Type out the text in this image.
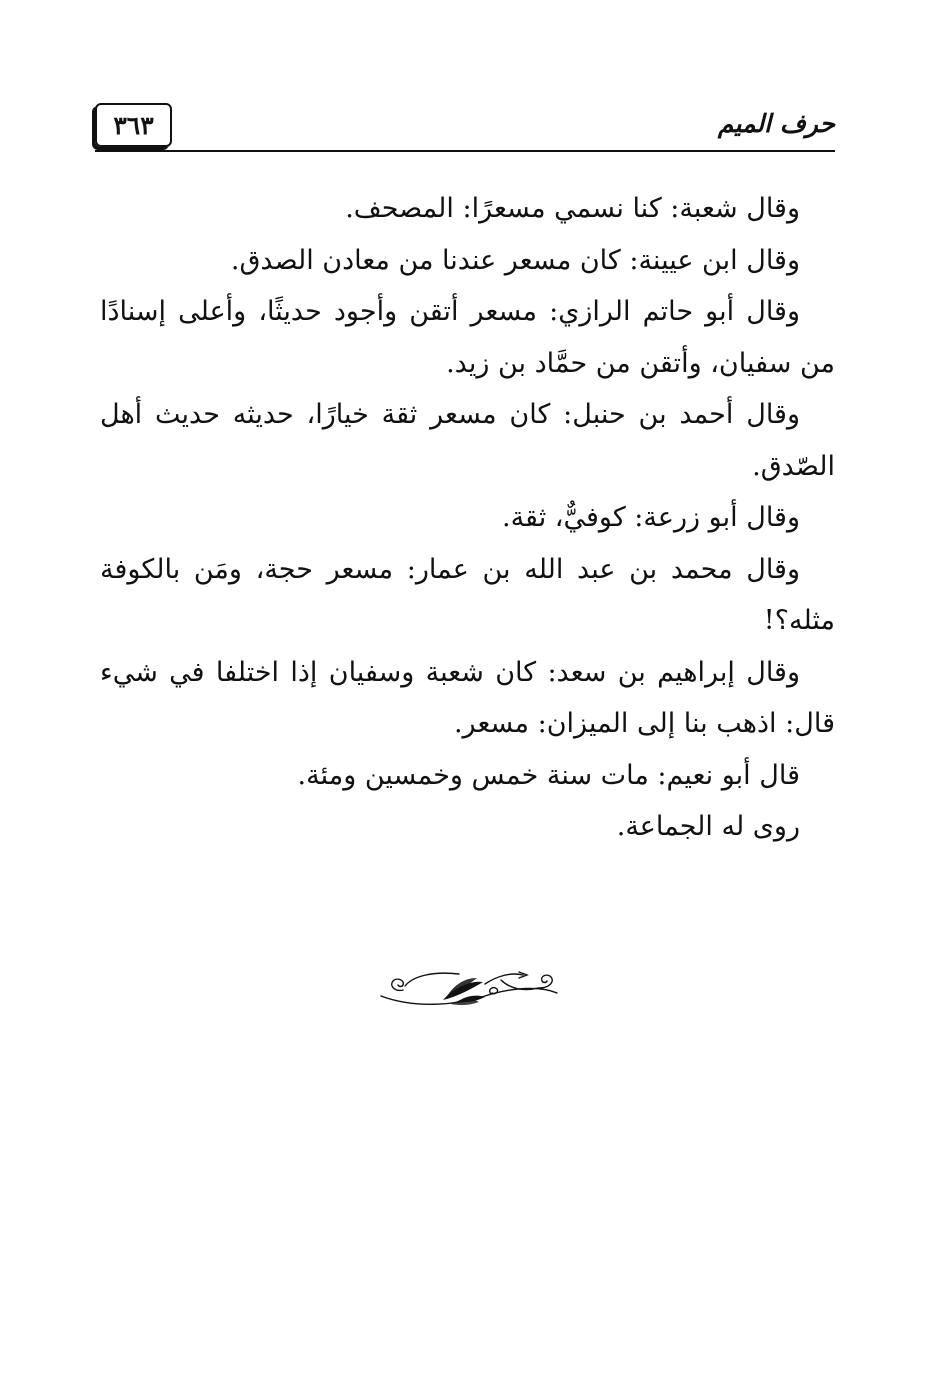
٣٦٣	حرف الميم

وقال شعبة: كنا نسمي مسعرًا: المصحف.

وقال ابن عيينة: كان مسعر عندنا من معادن الصدق.

وقال أبو حاتم الرازي: مسعر أتقن وأجود حديثًا، وأعلى إسنادًا من سفيان، وأتقن من حمَّاد بن زيد.

وقال أحمد بن حنبل: كان مسعر ثقة خيارًا، حديثه حديث أهل الصّدق.

وقال أبو زرعة: كوفيٌّ، ثقة.

وقال محمد بن عبد الله بن عمار: مسعر حجة، ومَن بالكوفة مثله؟!

وقال إبراهيم بن سعد: كان شعبة وسفيان إذا اختلفا في شيء قال: اذهب بنا إلى الميزان: مسعر.

قال أبو نعيم: مات سنة خمس وخمسين ومئة.

روى له الجماعة.
